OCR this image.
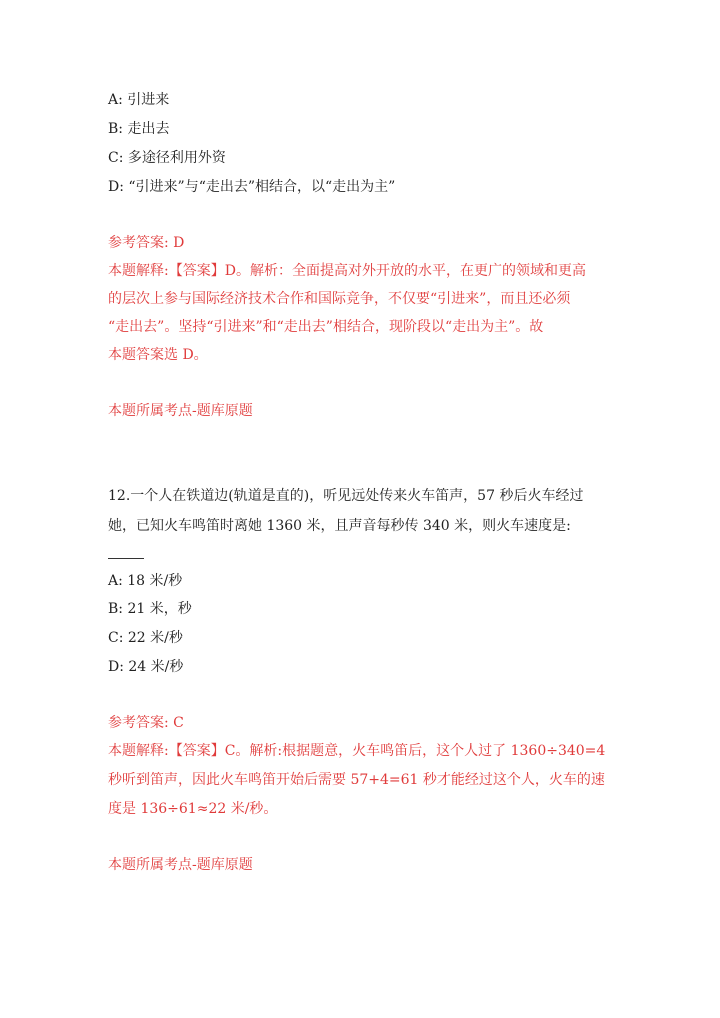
A: 引进来
B: 走出去
C: 多途径利用外资
D: “引进来”与“走出去”相结合，以“走出为主”
参考答案: D
本题解释:【答案】D。解析：全面提高对外开放的水平，在更广的领域和更高
的层次上参与国际经济技术合作和国际竞争，不仅要“引进来”，而且还必须
“走出去”。坚持“引进来”和“走出去”相结合，现阶段以“走出为主”。故
本题答案选 D。
本题所属考点-题库原题
12.一个人在铁道边(轨道是直的)，听见远处传来火车笛声，57 秒后火车经过
她，已知火车鸣笛时离她 1360 米，且声音每秒传 340 米，则火车速度是:
A: 18 米/秒
B: 21 米，秒
C: 22 米/秒
D: 24 米/秒
参考答案: C
本题解释:【答案】C。解析:根据题意，火车鸣笛后，这个人过了 1360÷340=4
秒听到笛声，因此火车鸣笛开始后需要 57+4=61 秒才能经过这个人，火车的速
度是 136÷61≈22 米/秒。
本题所属考点-题库原题
